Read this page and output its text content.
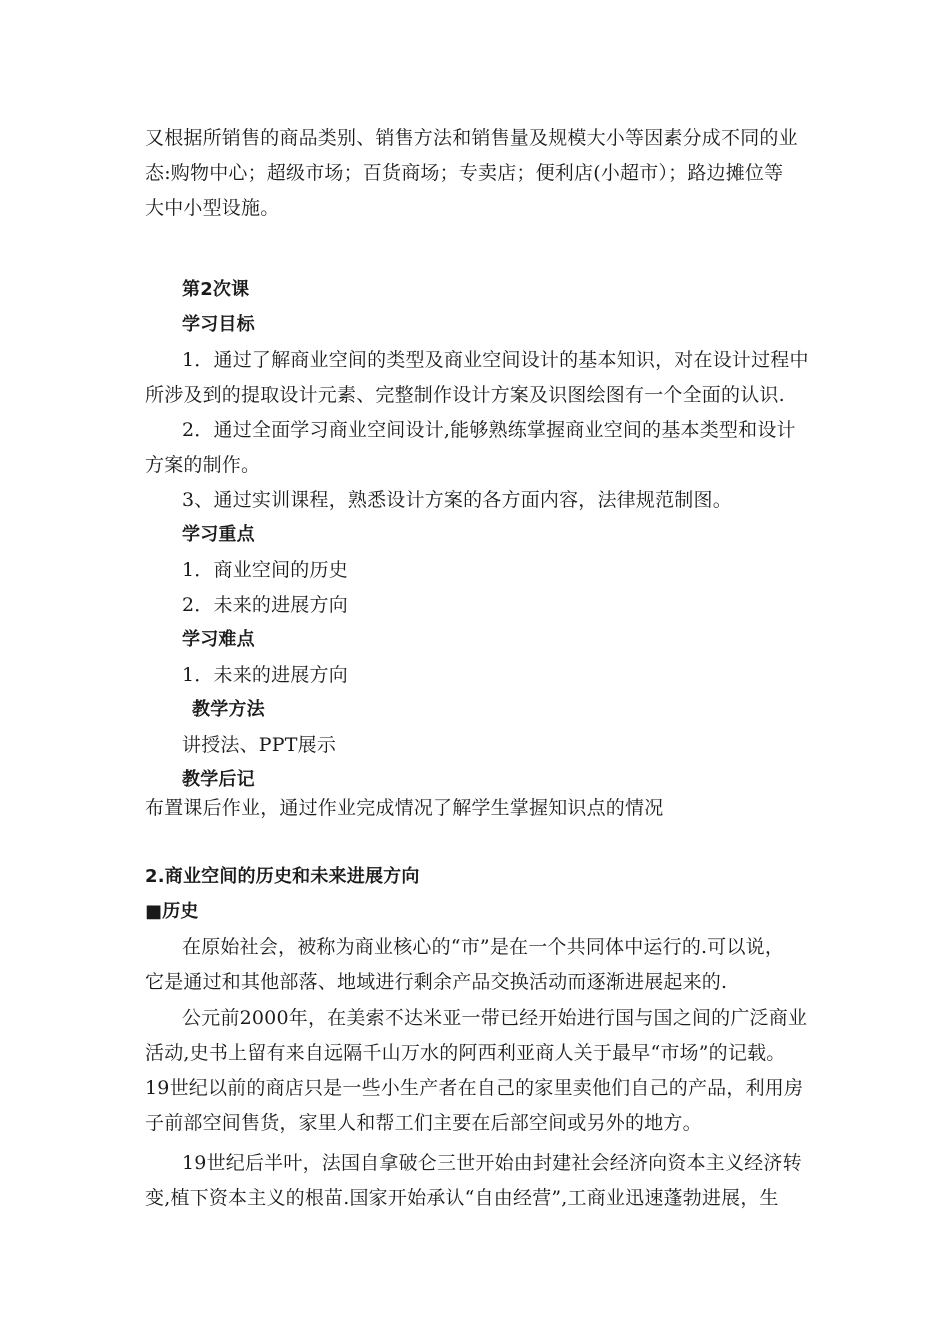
又根据所销售的商品类别、销售方法和销售量及规模大小等因素分成不同的业
态:购物中心；超级市场；百货商场；专卖店；便利店(小超市）；路边摊位等
大中小型设施。
第2次课
学习目标
1．通过了解商业空间的类型及商业空间设计的基本知识，对在设计过程中
所涉及到的提取设计元素、完整制作设计方案及识图绘图有一个全面的认识.
2．通过全面学习商业空间设计,能够熟练掌握商业空间的基本类型和设计
方案的制作。
3、通过实训课程，熟悉设计方案的各方面内容，法律规范制图。
学习重点
1．商业空间的历史
2．未来的进展方向
学习难点
1．未来的进展方向
教学方法
讲授法、PPT展示
教学后记
布置课后作业，通过作业完成情况了解学生掌握知识点的情况
2.商业空间的历史和未来进展方向
■历史
在原始社会，被称为商业核心的“市”是在一个共同体中运行的.可以说，
它是通过和其他部落、地域进行剩余产品交换活动而逐渐进展起来的.
公元前2000年，在美索不达米亚一带已经开始进行国与国之间的广泛商业
活动,史书上留有来自远隔千山万水的阿西利亚商人关于最早“市场”的记载。
19世纪以前的商店只是一些小生产者在自己的家里卖他们自己的产品，利用房
子前部空间售货，家里人和帮工们主要在后部空间或另外的地方。
19世纪后半叶，法国自拿破仑三世开始由封建社会经济向资本主义经济转
变,植下资本主义的根苗.国家开始承认“自由经营”,工商业迅速蓬勃进展，生
